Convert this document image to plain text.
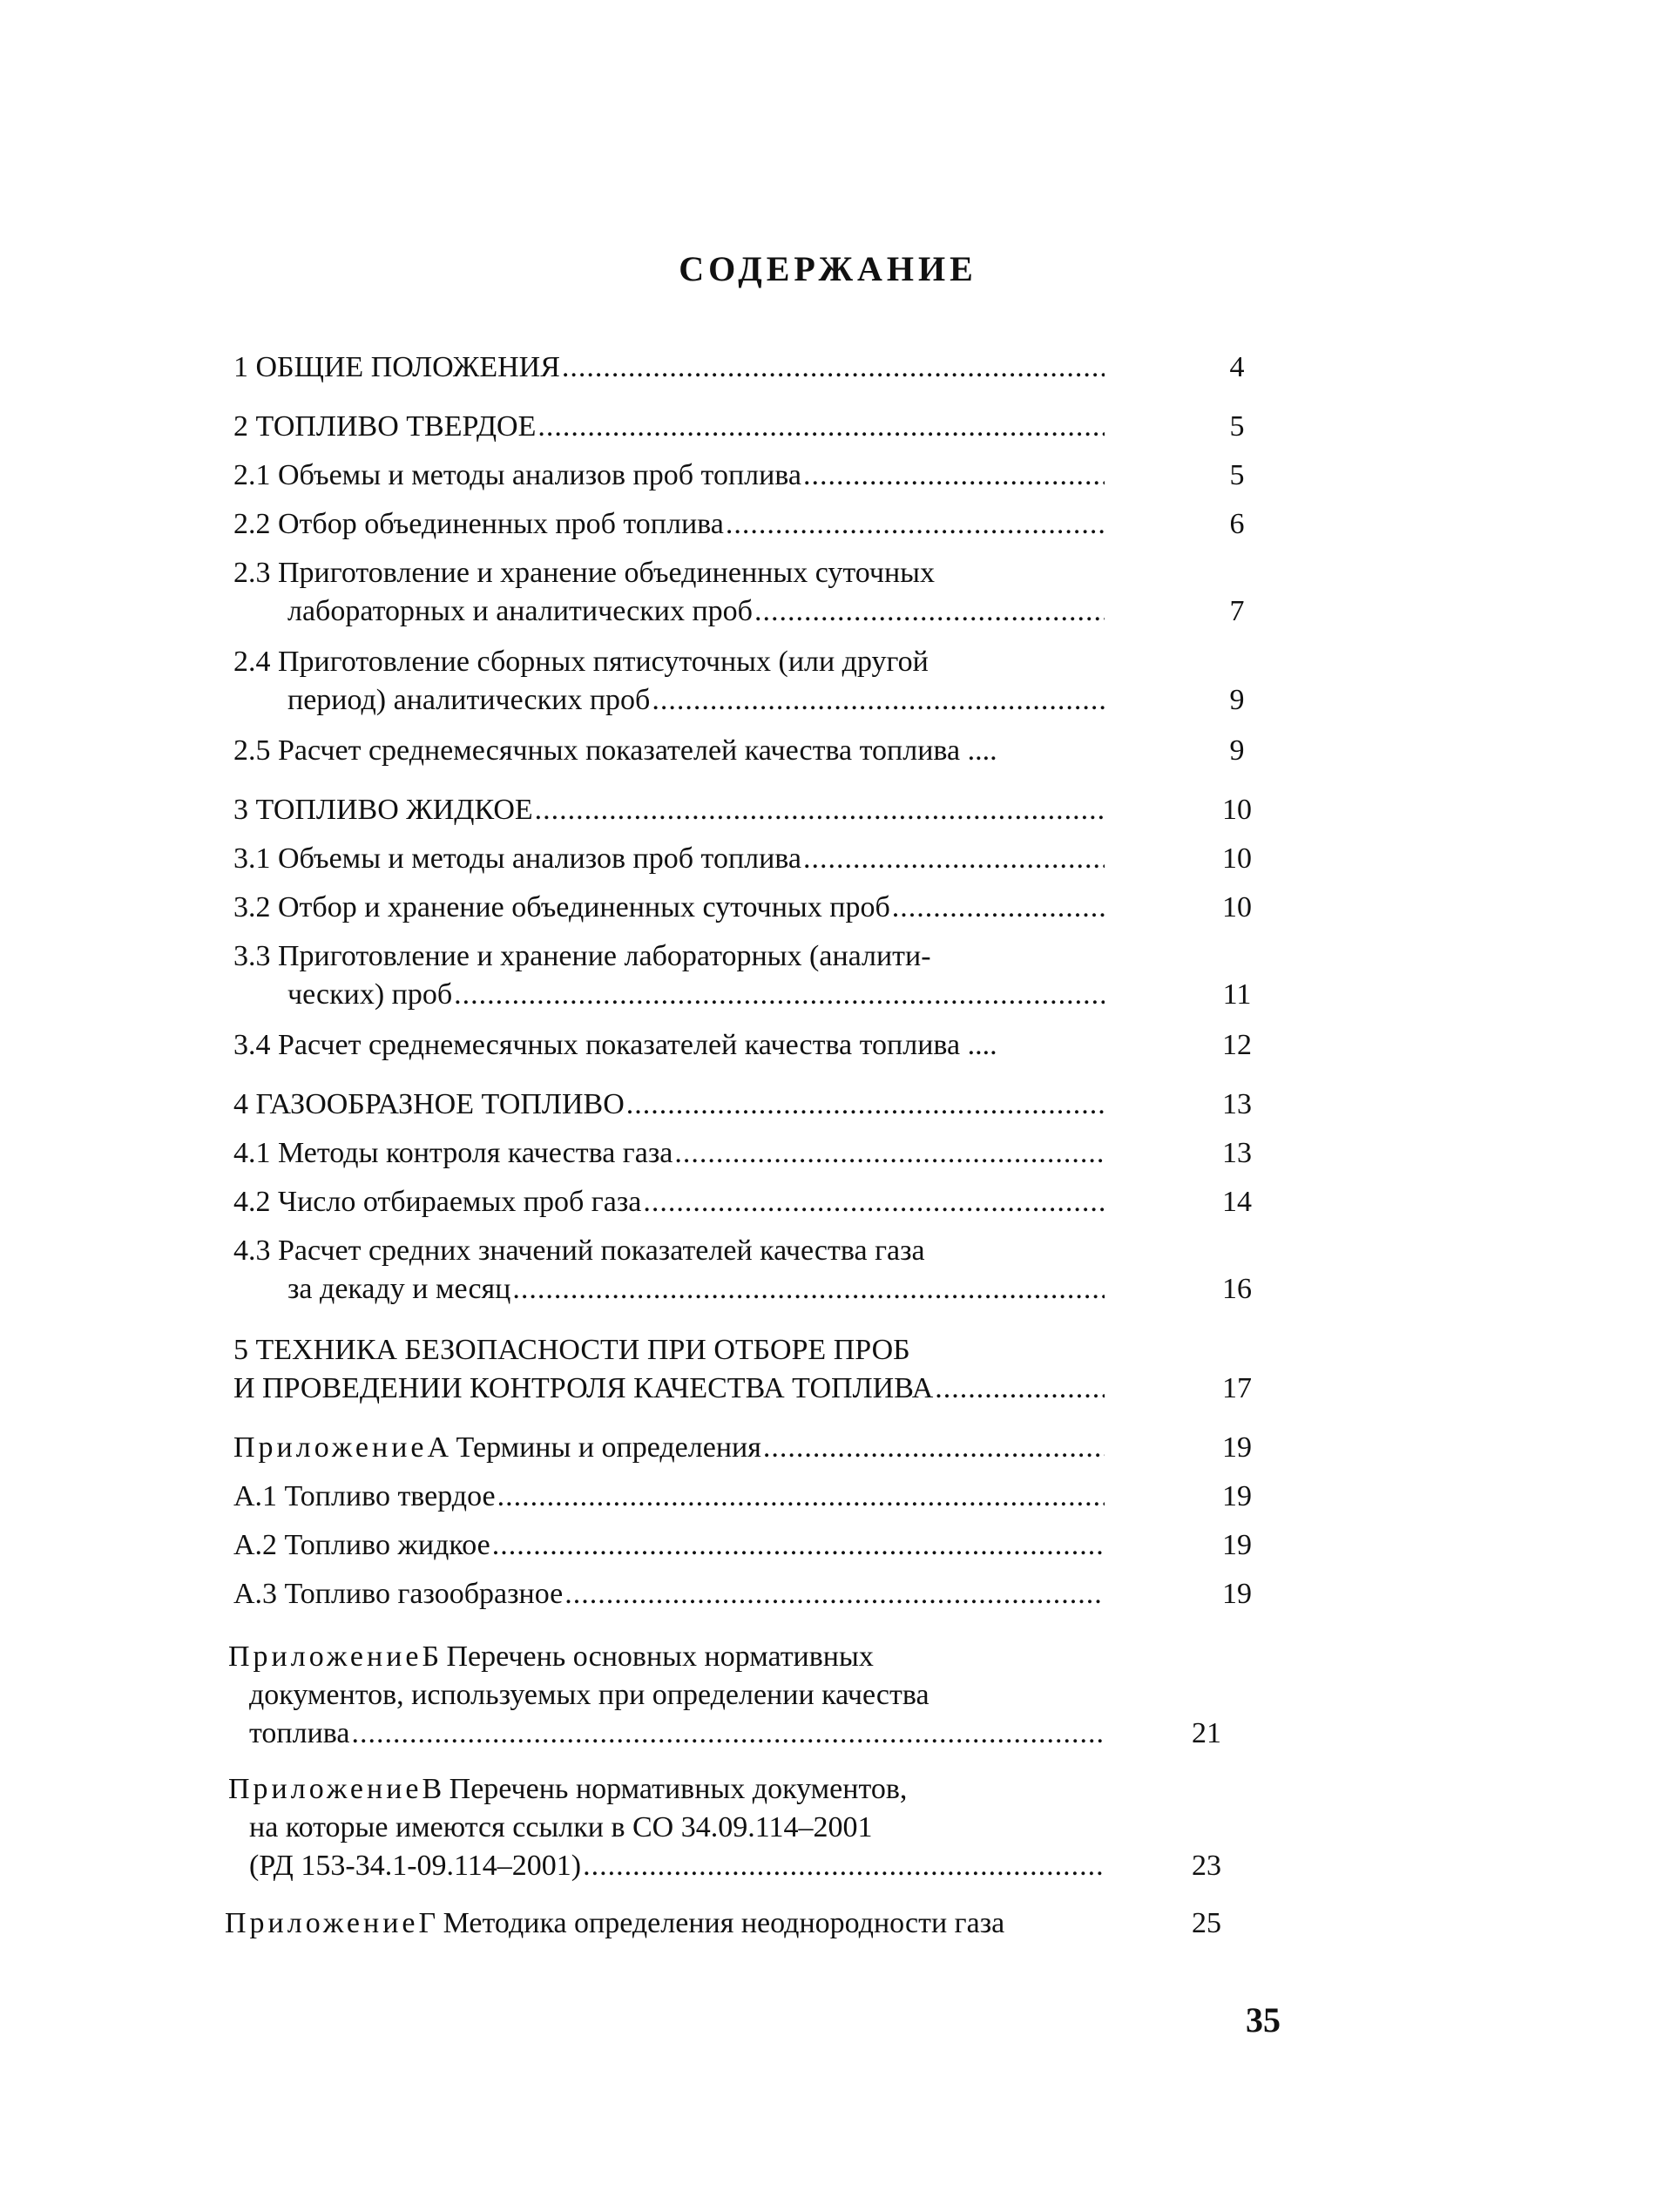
СОДЕРЖАНИЕ
1 ОБЩИЕ ПОЛОЖЕНИЯ .....	4
2 ТОПЛИВО ТВЕРДОЕ .....	5
2.1 Объемы и методы анализов проб топлива .....	5
2.2 Отбор объединенных проб топлива .....	6
2.3 Приготовление и хранение объединенных суточных
лабораторных и аналитических проб .....	7
2.4 Приготовление сборных пятисуточных (или другой
период) аналитических проб .....	9
2.5 Расчет среднемесячных показателей качества топлива ....	9
3 ТОПЛИВО ЖИДКОЕ .....	10
3.1 Объемы и методы анализов проб топлива .....	10
3.2 Отбор и хранение объединенных суточных проб .....	10
3.3 Приготовление и хранение лабораторных (аналити-
ческих) проб .....	11
3.4 Расчет среднемесячных показателей качества топлива ....	12
4 ГАЗООБРАЗНОЕ ТОПЛИВО .....	13
4.1 Методы контроля качества газа .....	13
4.2 Число отбираемых проб газа .....	14
4.3 Расчет средних значений показателей качества газа
за декаду и месяц .....	16
5 ТЕХНИКА БЕЗОПАСНОСТИ ПРИ ОТБОРЕ ПРОБ
И ПРОВЕДЕНИИ КОНТРОЛЯ КАЧЕСТВА ТОПЛИВА .....	17
Приложение А Термины и определения .....	19
А.1 Топливо твердое .....	19
А.2 Топливо жидкое .....	19
А.3 Топливо газообразное .....	19
Приложение Б Перечень основных нормативных
документов, используемых при определении качества
топлива .....	21
Приложение В Перечень нормативных документов,
на которые имеются ссылки в СО 34.09.114–2001
(РД 153-34.1-09.114–2001) .....	23
Приложение Г Методика определения неоднородности газа	25
35
